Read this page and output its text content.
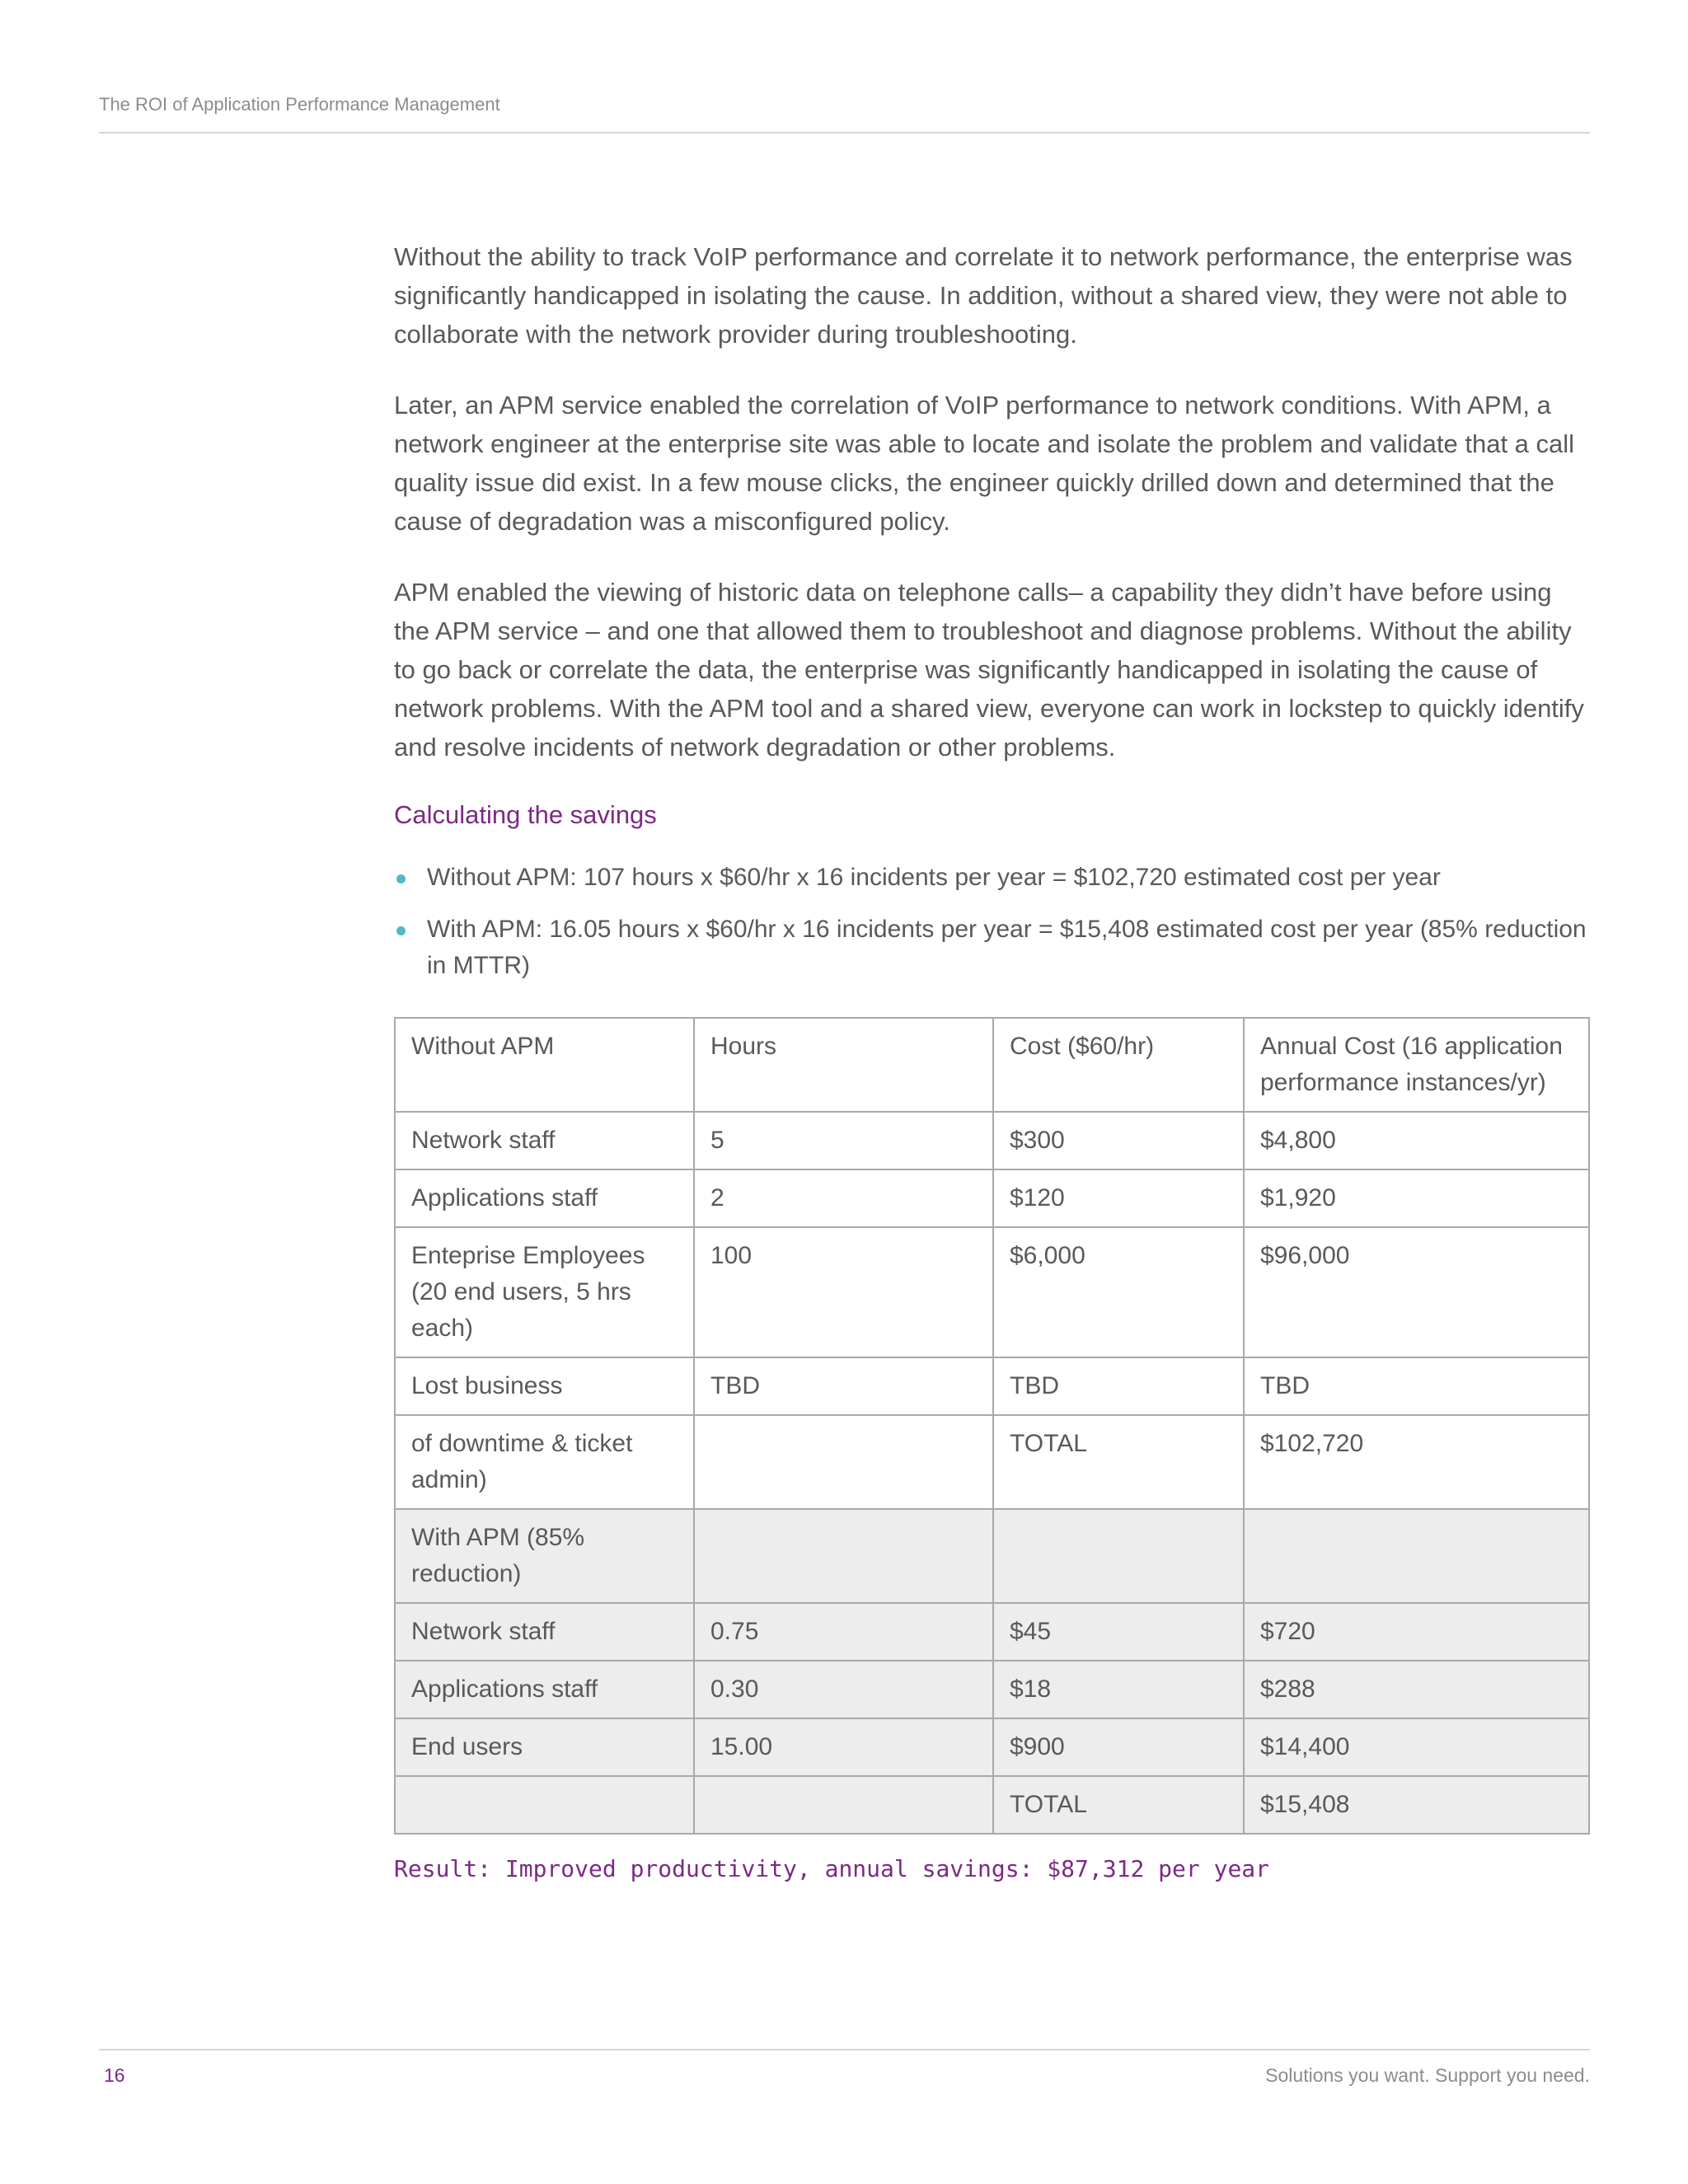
The ROI of Application Performance Management

Without the ability to track VoIP performance and correlate it to network performance, the enterprise was significantly handicapped in isolating the cause. In addition, without a shared view, they were not able to collaborate with the network provider during troubleshooting.

Later, an APM service enabled the correlation of VoIP performance to network conditions. With APM, a network engineer at the enterprise site was able to locate and isolate the problem and validate that a call quality issue did exist. In a few mouse clicks, the engineer quickly drilled down and determined that the cause of degradation was a misconfigured policy.

APM enabled the viewing of historic data on telephone calls– a capability they didn’t have before using the APM service – and one that allowed them to troubleshoot and diagnose problems. Without the ability to go back or correlate the data, the enterprise was significantly handicapped in isolating the cause of network problems. With the APM tool and a shared view, everyone can work in lockstep to quickly identify and resolve incidents of network degradation or other problems.

Calculating the savings
Without APM: 107 hours x $60/hr x 16 incidents per year = $102,720 estimated cost per year
With APM: 16.05 hours x $60/hr x 16 incidents per year = $15,408 estimated cost per year (85% reduction in MTTR)
Without APM	Hours	Cost ($60/hr)	Annual Cost (16 application performance instances/yr)
Network staff	5	$300	$4,800
Applications staff	2	$120	$1,920
Enteprise Employees (20 end users, 5 hrs each)	100	$6,000	$96,000
Lost business	TBD	TBD	TBD
of downtime & ticket admin)		TOTAL	$102,720
With APM (85% reduction)			
Network staff	0.75	$45	$720
Applications staff	0.30	$18	$288
End users	15.00	$900	$14,400
		TOTAL	$15,408
Result: Improved productivity, annual savings: $87,312 per year
16	Solutions you want. Support you need.
